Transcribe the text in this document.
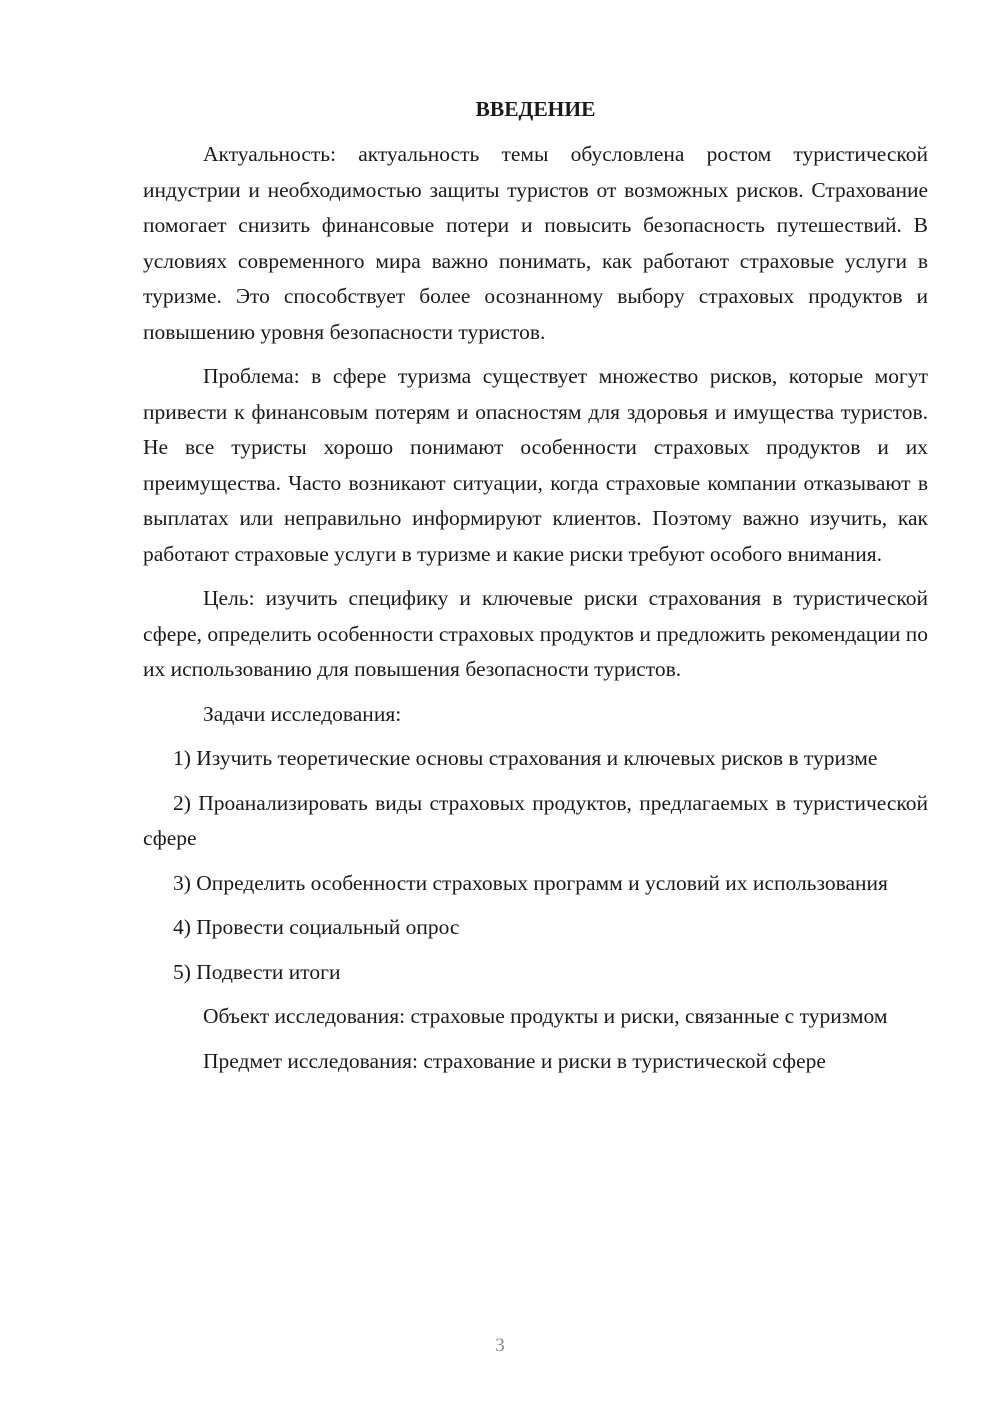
ВВЕДЕНИЕ

Актуальность: актуальность темы обусловлена ростом туристической индустрии и необходимостью защиты туристов от возможных рисков. Страхование помогает снизить финансовые потери и повысить безопасность путешествий. В условиях современного мира важно понимать, как работают страховые услуги в туризме. Это способствует более осознанному выбору страховых продуктов и повышению уровня безопасности туристов.

Проблема: в сфере туризма существует множество рисков, которые могут привести к финансовым потерям и опасностям для здоровья и имущества туристов. Не все туристы хорошо понимают особенности страховых продуктов и их преимущества. Часто возникают ситуации, когда страховые компании отказывают в выплатах или неправильно информируют клиентов. Поэтому важно изучить, как работают страховые услуги в туризме и какие риски требуют особого внимания.

Цель: изучить специфику и ключевые риски страхования в туристической сфере, определить особенности страховых продуктов и предложить рекомендации по их использованию для повышения безопасности туристов.

Задачи исследования:

1) Изучить теоретические основы страхования и ключевых рисков в туризме

2) Проанализировать виды страховых продуктов, предлагаемых в туристической сфере

3) Определить особенности страховых программ и условий их использования

4) Провести социальный опрос

5) Подвести итоги

Объект исследования: страховые продукты и риски, связанные с туризмом

Предмет исследования: страхование и риски в туристической сфере

3
